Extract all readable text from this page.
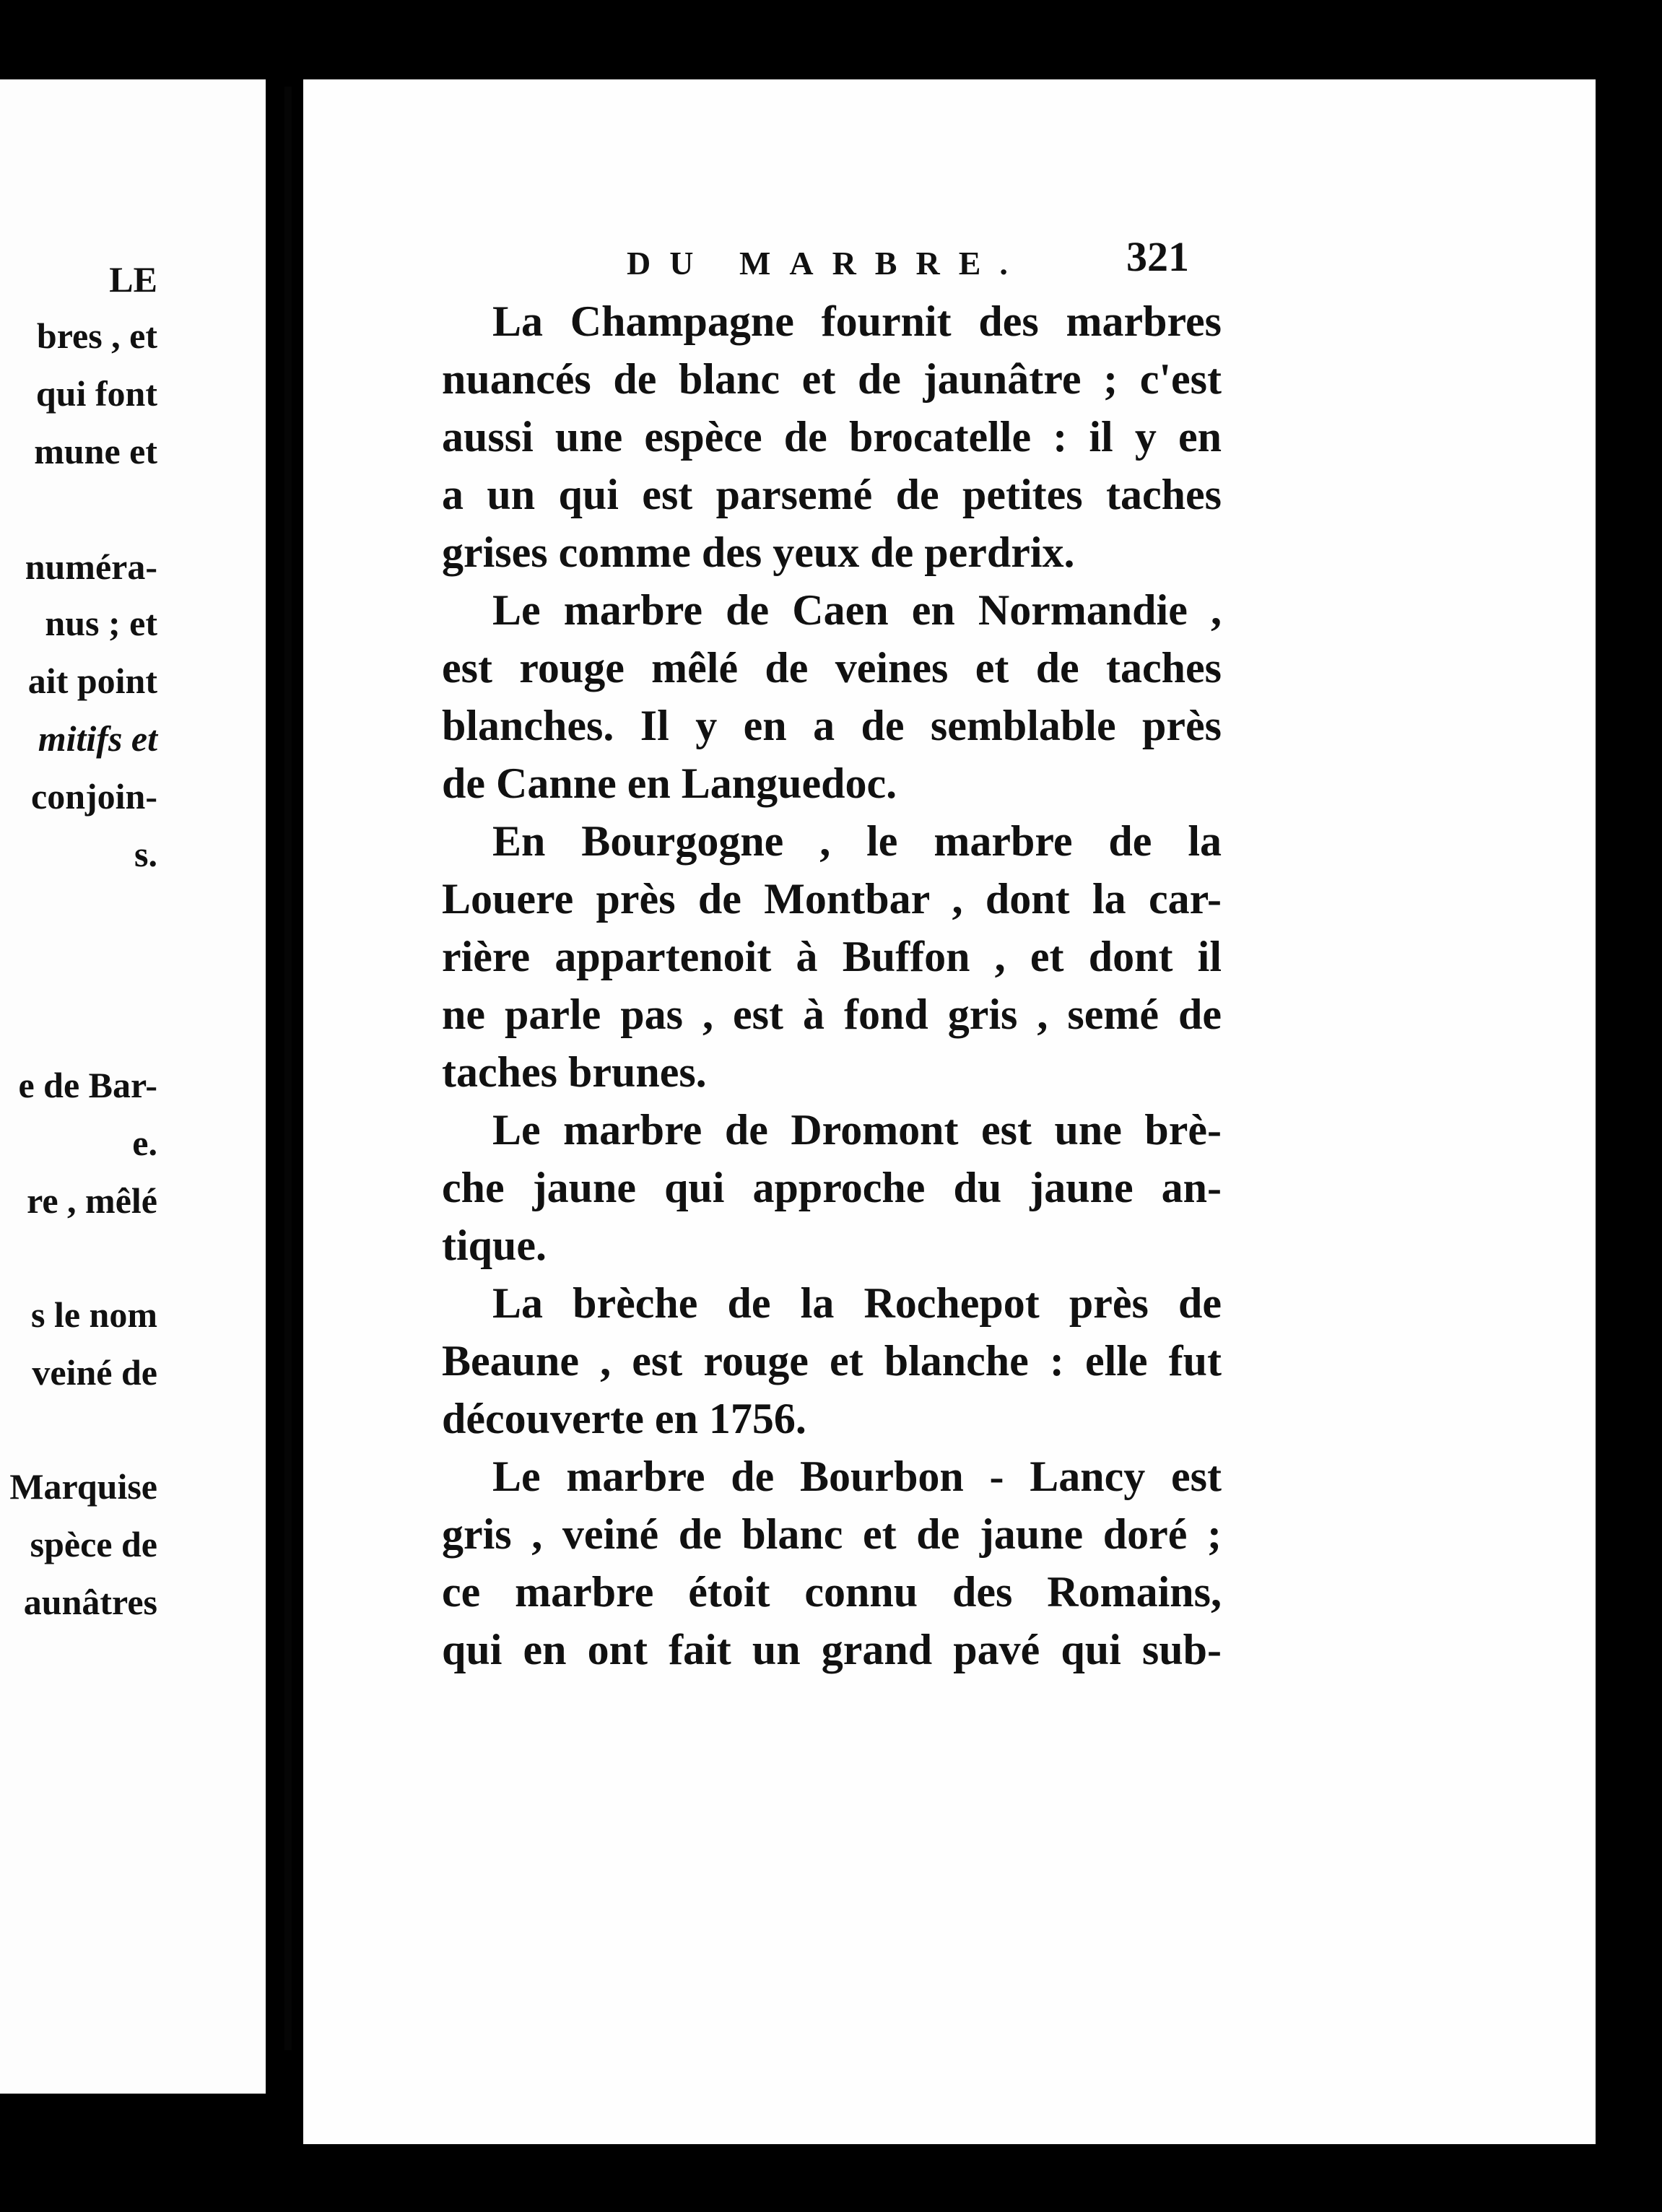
LE
bres , et
qui font
mune et
numéra-
nus ; et
ait point
mitifs et
conjoin-
s.
e de Bar-
e.
re , mêlé
s le nom
veiné de
Marquise
spèce de
aunâtres
DU MARBRE. 321
La Champagne fournit des marbres
nuancés de blanc et de jaunâtre ; c'est
aussi une espèce de brocatelle : il y en
a un qui est parsemé de petites taches
grises comme des yeux de perdrix.
Le marbre de Caen en Normandie ,
est rouge mêlé de veines et de taches
blanches. Il y en a de semblable près
de Canne en Languedoc.
En Bourgogne , le marbre de la
Louere près de Montbar , dont la car-
rière appartenoit à Buffon , et dont il
ne parle pas , est à fond gris , semé de
taches brunes.
Le marbre de Dromont est une brè-
che jaune qui approche du jaune an-
tique.
La brèche de la Rochepot près de
Beaune , est rouge et blanche : elle fut
découverte en 1756.
Le marbre de Bourbon - Lancy est
gris , veiné de blanc et de jaune doré ;
ce marbre étoit connu des Romains,
qui en ont fait un grand pavé qui sub-
